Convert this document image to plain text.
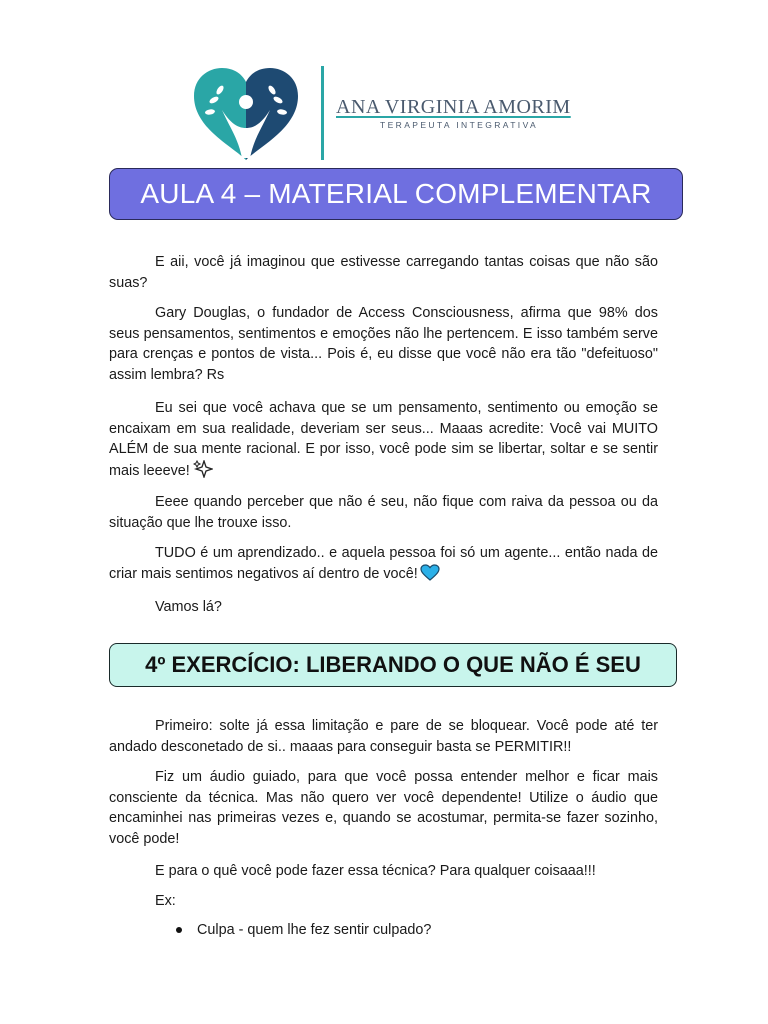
ANA VIRGINIA AMORIM
TERAPEUTA INTEGRATIVA
AULA 4 – MATERIAL COMPLEMENTAR

E aii, você já imaginou que estivesse carregando tantas coisas que não são suas?

Gary Douglas, o fundador de Access Consciousness, afirma que 98% dos seus pensamentos, sentimentos e emoções não lhe pertencem. E isso também serve para crenças e pontos de vista... Pois é, eu disse que você não era tão "defeituoso" assim lembra? Rs

Eu sei que você achava que se um pensamento, sentimento ou emoção se encaixam em sua realidade, deveriam ser seus... Maaas acredite: Você vai MUITO ALÉM de sua mente racional. E por isso, você pode sim se libertar, soltar e se sentir mais leeeve!

Eeee quando perceber que não é seu, não fique com raiva da pessoa ou da situação que lhe trouxe isso.

TUDO é um aprendizado.. e aquela pessoa foi só um agente... então nada de criar mais sentimos negativos aí dentro de você!

Vamos lá?

4º EXERCÍCIO: LIBERANDO O QUE NÃO É SEU

Primeiro: solte já essa limitação e pare de se bloquear. Você pode até ter andado desconetado de si.. maaas para conseguir basta se PERMITIR!!

Fiz um áudio guiado, para que você possa entender melhor e ficar mais consciente da técnica. Mas não quero ver você dependente! Utilize o áudio que encaminhei nas primeiras vezes e, quando se acostumar, permita-se fazer sozinho, você pode!

E para o quê você pode fazer essa técnica? Para qualquer coisaaa!!!

Ex:

Culpa - quem lhe fez sentir culpado?
